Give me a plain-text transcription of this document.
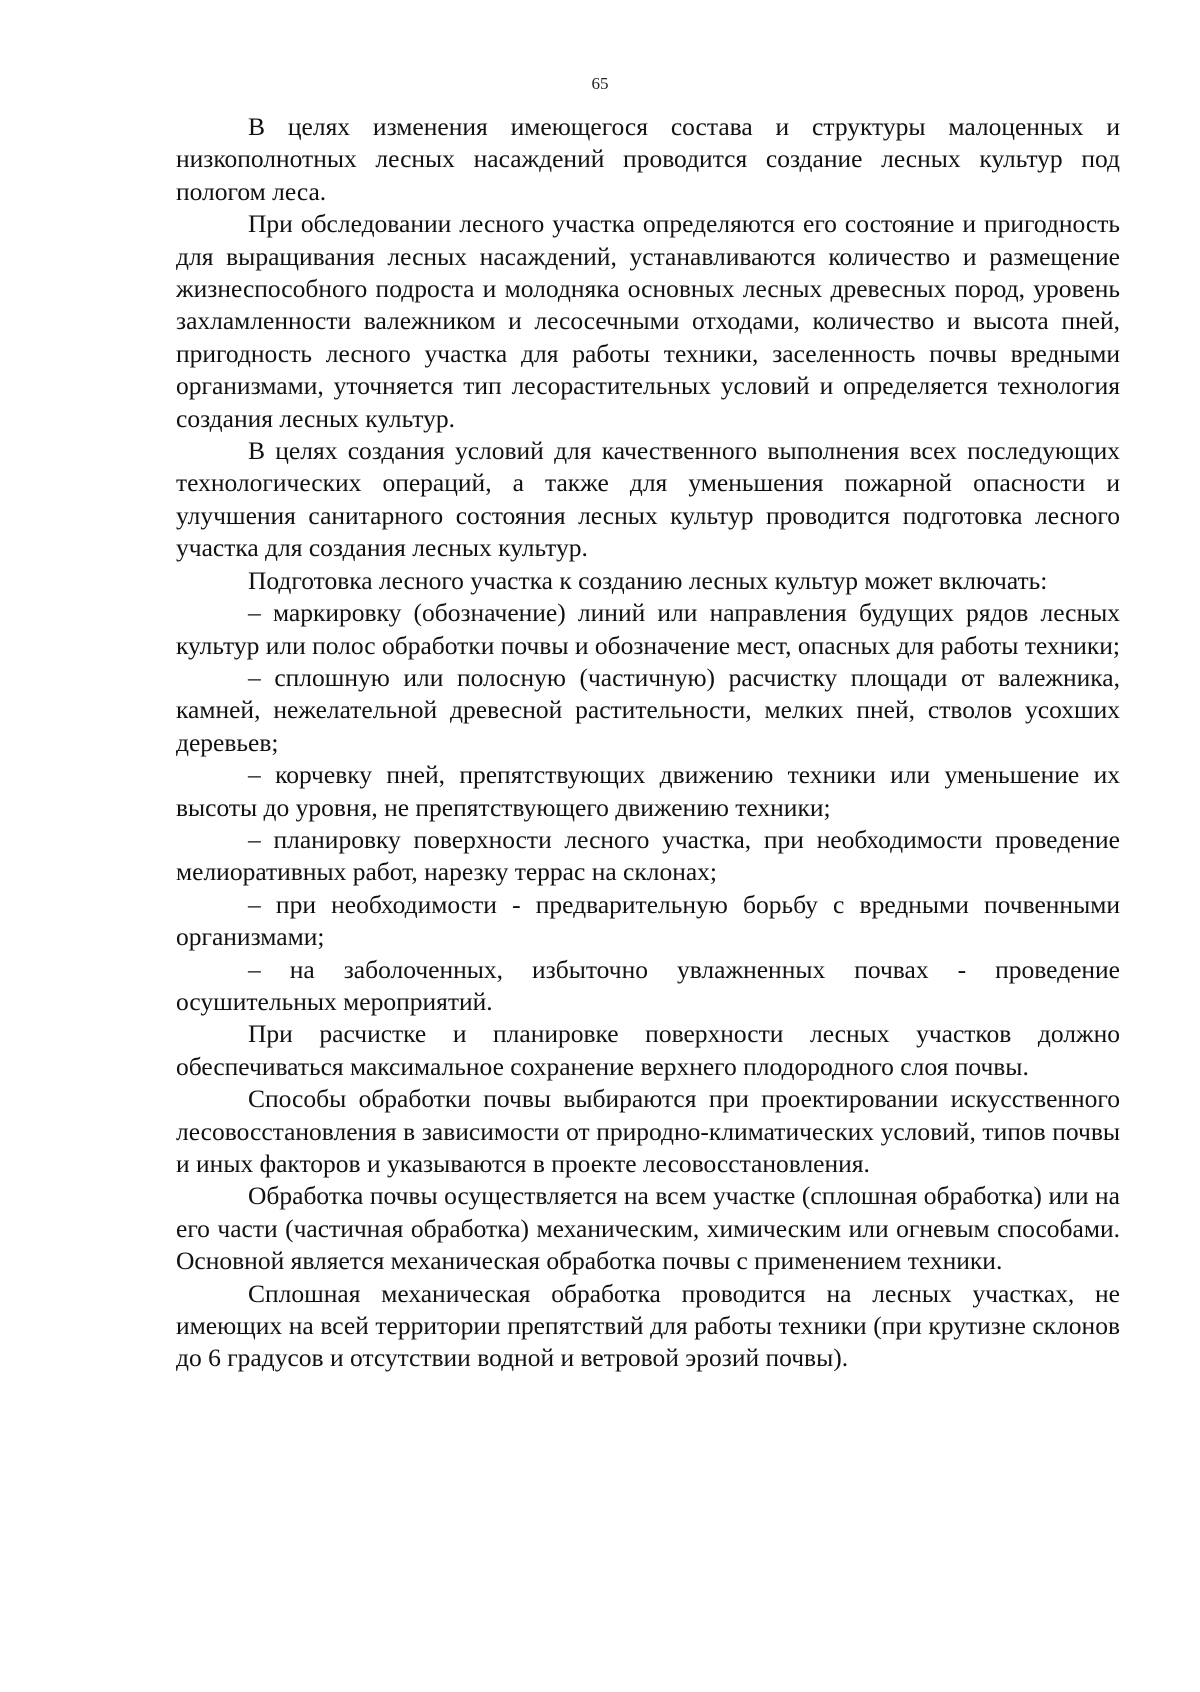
65

В целях изменения имеющегося состава и структуры малоценных и низкополнотных лесных насаждений проводится создание лесных культур под пологом леса.

При обследовании лесного участка определяются его состояние и пригодность для выращивания лесных насаждений, устанавливаются количество и размещение жизнеспособного подроста и молодняка основных лесных древесных пород, уровень захламленности валежником и лесосечными отходами, количество и высота пней, пригодность лесного участка для работы техники, заселенность почвы вредными организмами, уточняется тип лесорастительных условий и определяется технология создания лесных культур.

В целях создания условий для качественного выполнения всех последующих технологических операций, а также для уменьшения пожарной опасности и улучшения санитарного состояния лесных культур проводится подготовка лесного участка для создания лесных культур.

Подготовка лесного участка к созданию лесных культур может включать:

– маркировку (обозначение) линий или направления будущих рядов лесных культур или полос обработки почвы и обозначение мест, опасных для работы техники;

– сплошную или полосную (частичную) расчистку площади от валежника, камней, нежелательной древесной растительности, мелких пней, стволов усохших деревьев;

– корчевку пней, препятствующих движению техники или уменьшение их высоты до уровня, не препятствующего движению техники;

– планировку поверхности лесного участка, при необходимости проведение мелиоративных работ, нарезку террас на склонах;

– при необходимости - предварительную борьбу с вредными почвенными организмами;

– на заболоченных, избыточно увлажненных почвах - проведение осушительных мероприятий.

При расчистке и планировке поверхности лесных участков должно обеспечиваться максимальное сохранение верхнего плодородного слоя почвы.

Способы обработки почвы выбираются при проектировании искусственного лесовосстановления в зависимости от природно-климатических условий, типов почвы и иных факторов и указываются в проекте лесовосстановления.

Обработка почвы осуществляется на всем участке (сплошная обработка) или на его части (частичная обработка) механическим, химическим или огневым способами. Основной является механическая обработка почвы с применением техники.

Сплошная механическая обработка проводится на лесных участках, не имеющих на всей территории препятствий для работы техники (при крутизне склонов до 6 градусов и отсутствии водной и ветровой эрозий почвы).
